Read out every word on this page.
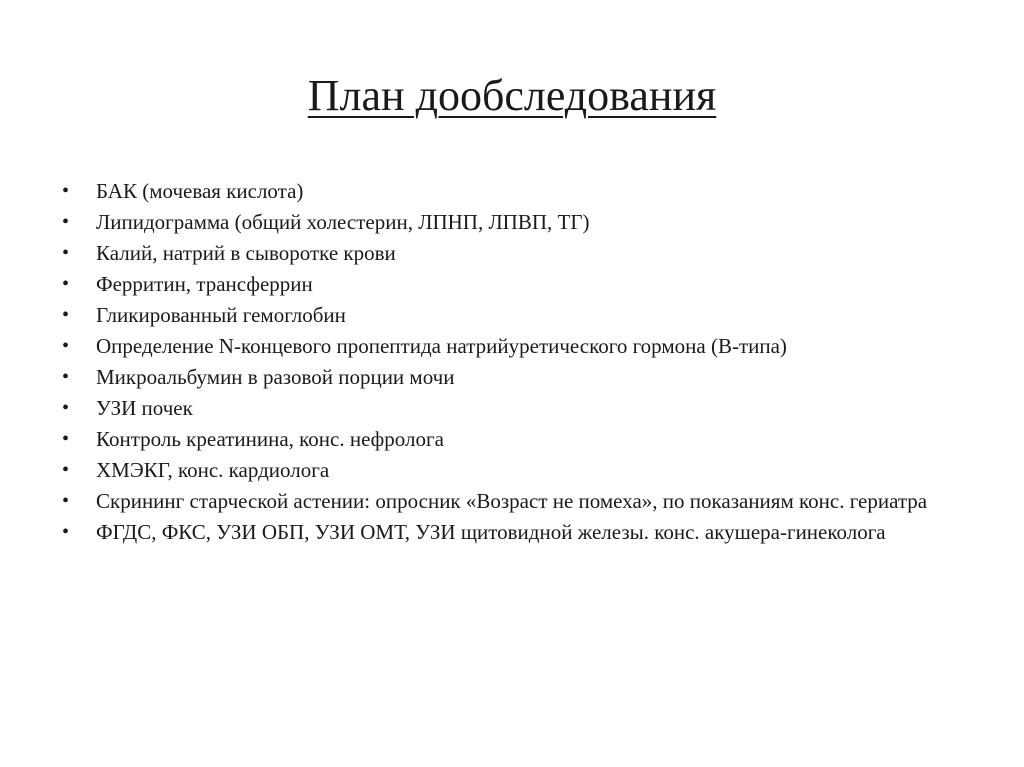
План дообследования
•	БАК (мочевая кислота)
•	Липидограмма (общий холестерин, ЛПНП, ЛПВП, ТГ)
•	Калий, натрий в сыворотке крови
•	Ферритин, трансферрин
•	Гликированный гемоглобин
•	Определение N-концевого пропептида натрийуретического гормона (B-типа)
•	Микроальбумин в разовой порции мочи
•	УЗИ почек
•	Контроль креатинина, конс. нефролога
•	ХМЭКГ, конс. кардиолога
•	Скрининг старческой астении: опросник «Возраст не помеха», по показаниям конс. гериатра
•	ФГДС, ФКС, УЗИ ОБП, УЗИ ОМТ, УЗИ щитовидной железы. конс. акушера-гинеколога
